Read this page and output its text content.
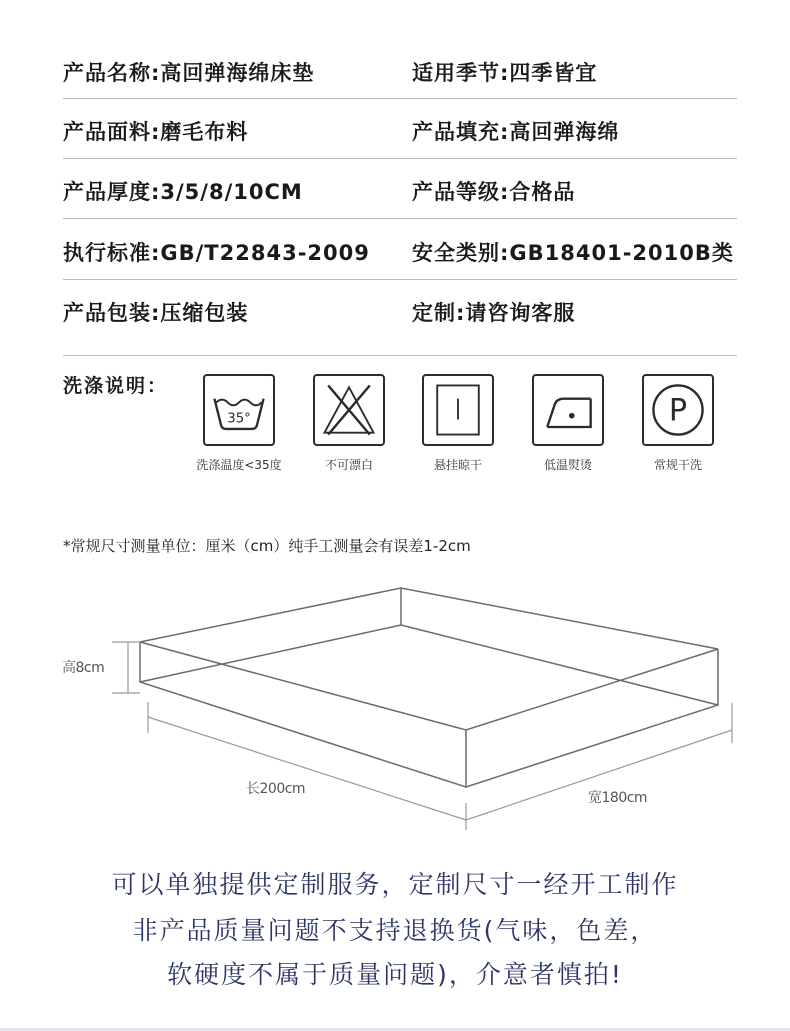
产品名称:高回弹海绵床垫	适用季节:四季皆宜
产品面料:磨毛布料	产品填充:高回弹海绵
产品厚度:3/5/8/10CM	产品等级:合格品
执行标准:GB/T22843-2009 安全类别:GB18401-2010B类
产品包装:压缩包装	定制:请咨询客服
洗涤说明：
35°
洗涤温度<35度	不可漂白	悬挂晾干	低温熨烫
P
常规干洗
*常规尺寸测量单位：厘米（cm）纯手工测量会有误差1-2cm
高8cm
长200cm
宽180cm
可以单独提供定制服务，定制尺寸一经开工制作
非产品质量问题不支持退换货(气味，色差，
软硬度不属于质量问题)，介意者慎拍!
